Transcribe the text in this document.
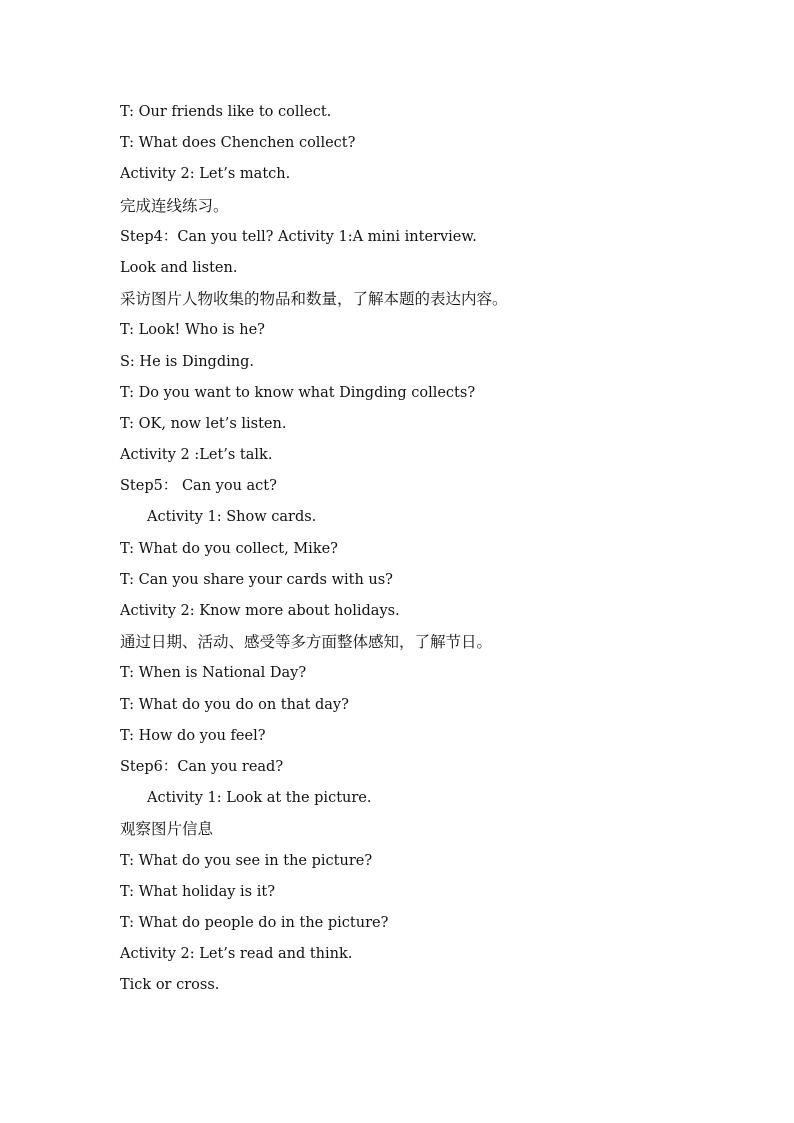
T: Our friends like to collect.
T: What does Chenchen collect?
Activity 2: Let’s match.
完成连线练习。
Step4：Can you tell? Activity 1:A mini interview.
Look and listen.
采访图片人物收集的物品和数量，了解本题的表达内容。
T: Look! Who is he?
S: He is Dingding.
T: Do you want to know what Dingding collects?
T: OK, now let’s listen.
Activity 2 :Let’s talk.
Step5： Can you act?
Activity 1: Show cards.
T: What do you collect, Mike?
T: Can you share your cards with us?
Activity 2: Know more about holidays.
通过日期、活动、感受等多方面整体感知，了解节日。
T: When is National Day?
T: What do you do on that day?
T: How do you feel?
Step6：Can you read?
Activity 1: Look at the picture.
观察图片信息
T: What do you see in the picture?
T: What holiday is it?
T: What do people do in the picture?
Activity 2: Let’s read and think.
Tick or cross.
